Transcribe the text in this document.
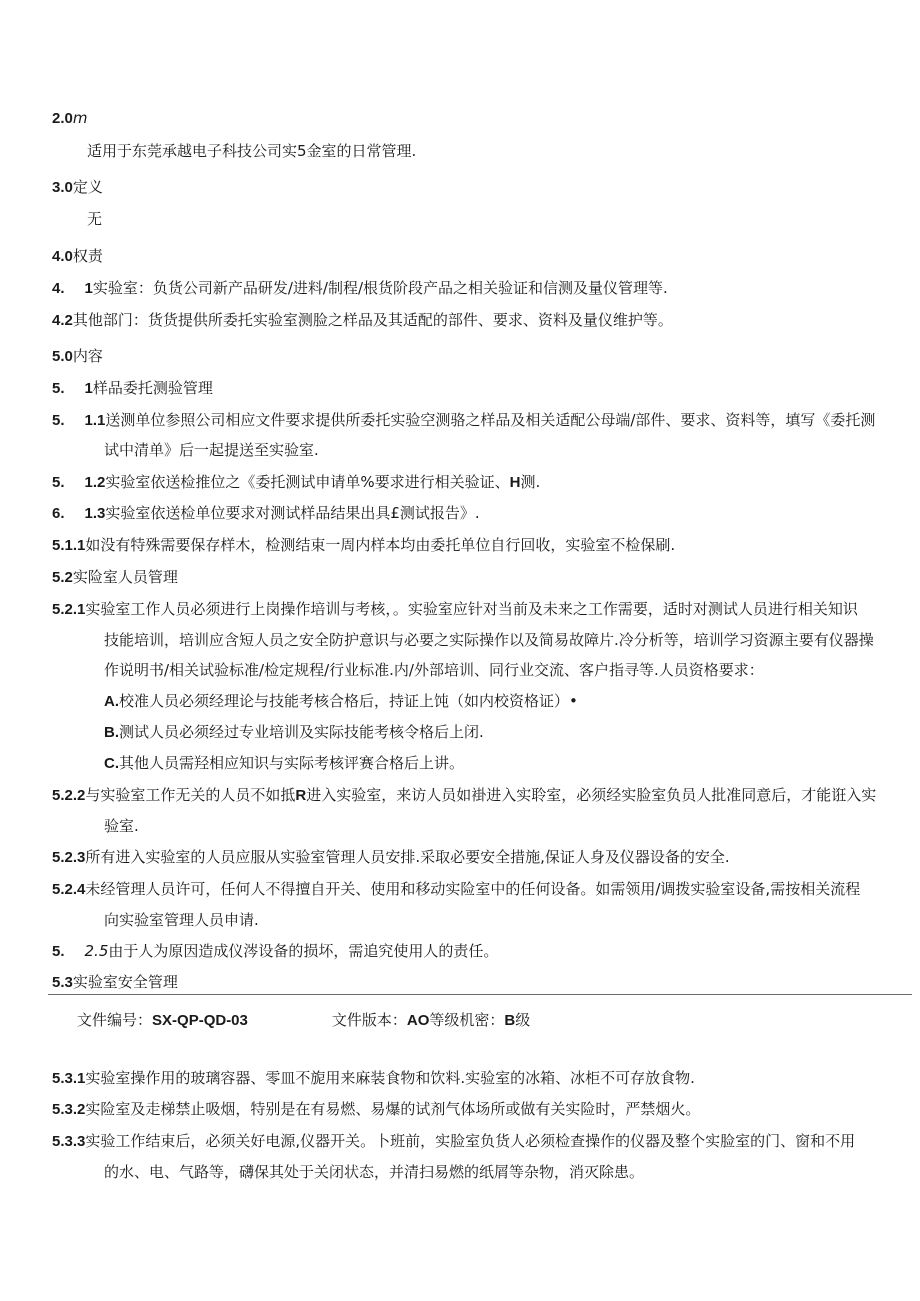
2.0m
适用于东莞承越电子科技公司实5金室的日常管理.
3.0定义
无
4.0权责
4. 1实验室：负货公司新产品研发/进料/制程/根货阶段产品之相关验证和信测及量仪管理等.
4.2其他部门：货货提供所委托实验室测脸之样品及其适配的部件、要求、资料及量仪维护等。
5.0内容
5. 1样品委托测验管理
5. 1.1送测单位参照公司相应文件要求提供所委托实验空测骆之样品及相关适配公母端/部件、要求、资料等，填写《委托测
试中清单》后一起提送至实验室.
5. 1.2实验室依送检推位之《委托测试申请单%要求进行相关验证、H测.
6. 1.3实验室依送检单位要求对测试样品结果出具£测试报告》.
5.1.1如没有特殊需要保存样木，检测结束一周内样本均由委托单位自行回收，实验室不检保刷.
5.2实险室人员管理
5.2.1实验室工作人员必须进行上岗操作培训与考核，。实验室应针对当前及未来之工作需要，适时对测试人员进行相关知识
技能培训，培训应含短人员之安全防护意识与必要之实际操作以及简易故障片.冷分析等，培训学习资源主要有仪器操
作说明书/相关试验标准/检定规程/行业标准.内/外部培训、同行业交流、客户指寻等.人员资格要求：
A.校准人员必须经理论与技能考核合格后，持证上饨（如内校资格证）•
B.测试人员必须经过专业培训及实际技能考核令格后上闭.
C.其他人员需羟相应知识与实际考核评赛合格后上讲。
5.2.2与实验室工作无关的人员不如抵R进入实验室，来访人员如褂进入实聆室，必须经实脸室负员人批准同意后，才能诳入实
验室.
5.2.3所有进入实验室的人员应服从实验室管理人员安排.采取必要安全措施,保证人身及仪器设备的安全.
5.2.4未经管理人员许可，任何人不得擅自开关、使用和移动实险室中的任何设备。如需领用/调拨实验室设备,需按相关流程
向实验室管理人员申请.
5. 2.5由于人为原因造成仪涔设备的损坏，需追究使用人的责任。
5.3实验室安全管理
文件编号：SX-QP-QD-03	文件版本：AO等级机密：B级
5.3.1实验室操作用的玻璃容器、零皿不旎用来麻装食物和饮料.实验室的冰箱、冰柜不可存放食物.
5.3.2实险室及走梯禁止吸烟，特别是在有易燃、易爆的试剂气体场所或做有关实险时，严禁烟火。
5.3.3实验工作结束后，必须关好电源,仪器开关。卜班前，实脸室负货人必须检查操作的仪器及整个实脸室的门、窗和不用
的水、电、气路等，礴保其处于关闭状态，并清扫易燃的纸屑等杂物，消灭除患。
